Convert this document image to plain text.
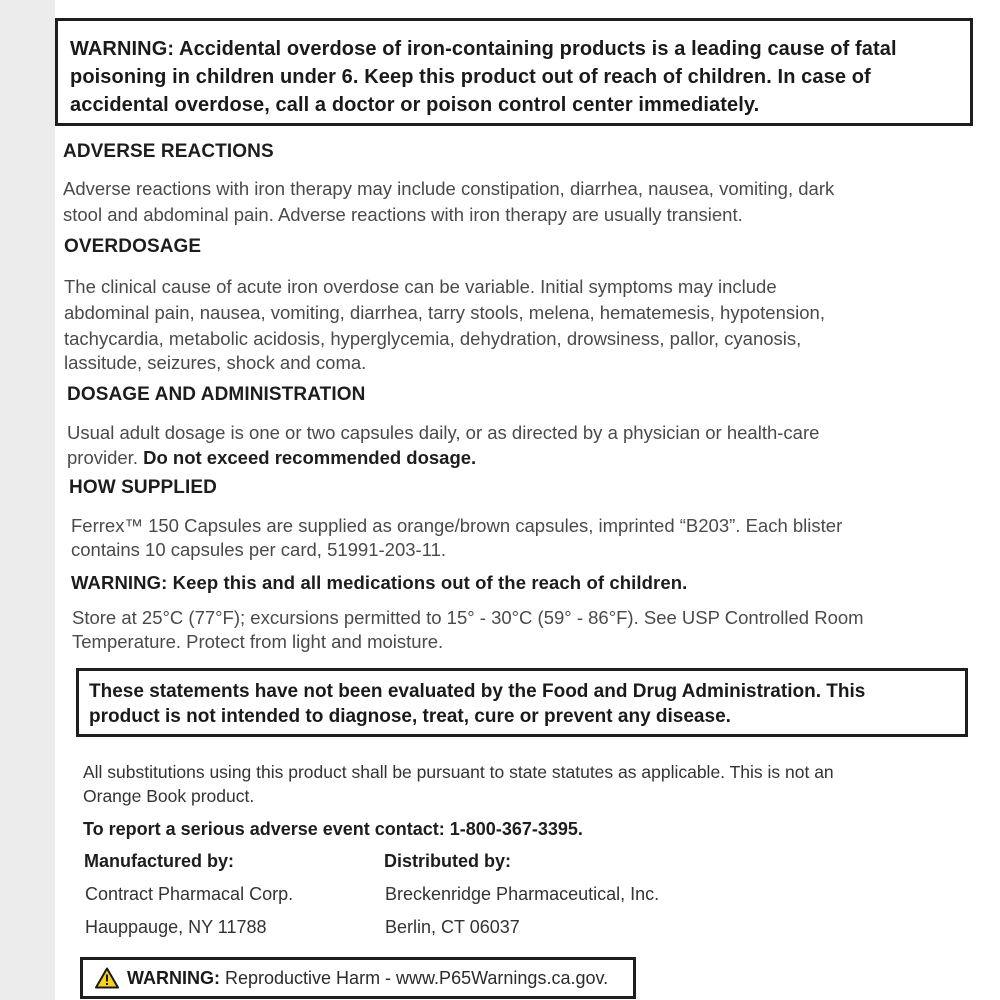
WARNING: Accidental overdose of iron-containing products is a leading cause of fatal

poisoning in children under 6. Keep this product out of reach of children. In case of

accidental overdose, call a doctor or poison control center immediately.

ADVERSE REACTIONS

Adverse reactions with iron therapy may include constipation, diarrhea, nausea, vomiting, dark

stool and abdominal pain. Adverse reactions with iron therapy are usually transient.

OVERDOSAGE

The clinical cause of acute iron overdose can be variable. Initial symptoms may include

abdominal pain, nausea, vomiting, diarrhea, tarry stools, melena, hematemesis, hypotension,

tachycardia, metabolic acidosis, hyperglycemia, dehydration, drowsiness, pallor, cyanosis,

lassitude, seizures, shock and coma.

DOSAGE AND ADMINISTRATION

Usual adult dosage is one or two capsules daily, or as directed by a physician or health-care

provider. Do not exceed recommended dosage.

HOW SUPPLIED

Ferrex™ 150 Capsules are supplied as orange/brown capsules, imprinted “B203”. Each blister

contains 10 capsules per card, 51991-203-11.

WARNING: Keep this and all medications out of the reach of children.

Store at 25°C (77°F); excursions permitted to 15° - 30°C (59° - 86°F). See USP Controlled Room

Temperature. Protect from light and moisture.

These statements have not been evaluated by the Food and Drug Administration. This

product is not intended to diagnose, treat, cure or prevent any disease.

All substitutions using this product shall be pursuant to state statutes as applicable. This is not an

Orange Book product.

To report a serious adverse event contact: 1-800-367-3395.

Manufactured by:

Contract Pharmacal Corp.

Hauppauge, NY 11788

Distributed by:

Breckenridge Pharmaceutical, Inc.

Berlin, CT 06037

WARNING: Reproductive Harm - www.P65Warnings.ca.gov.
